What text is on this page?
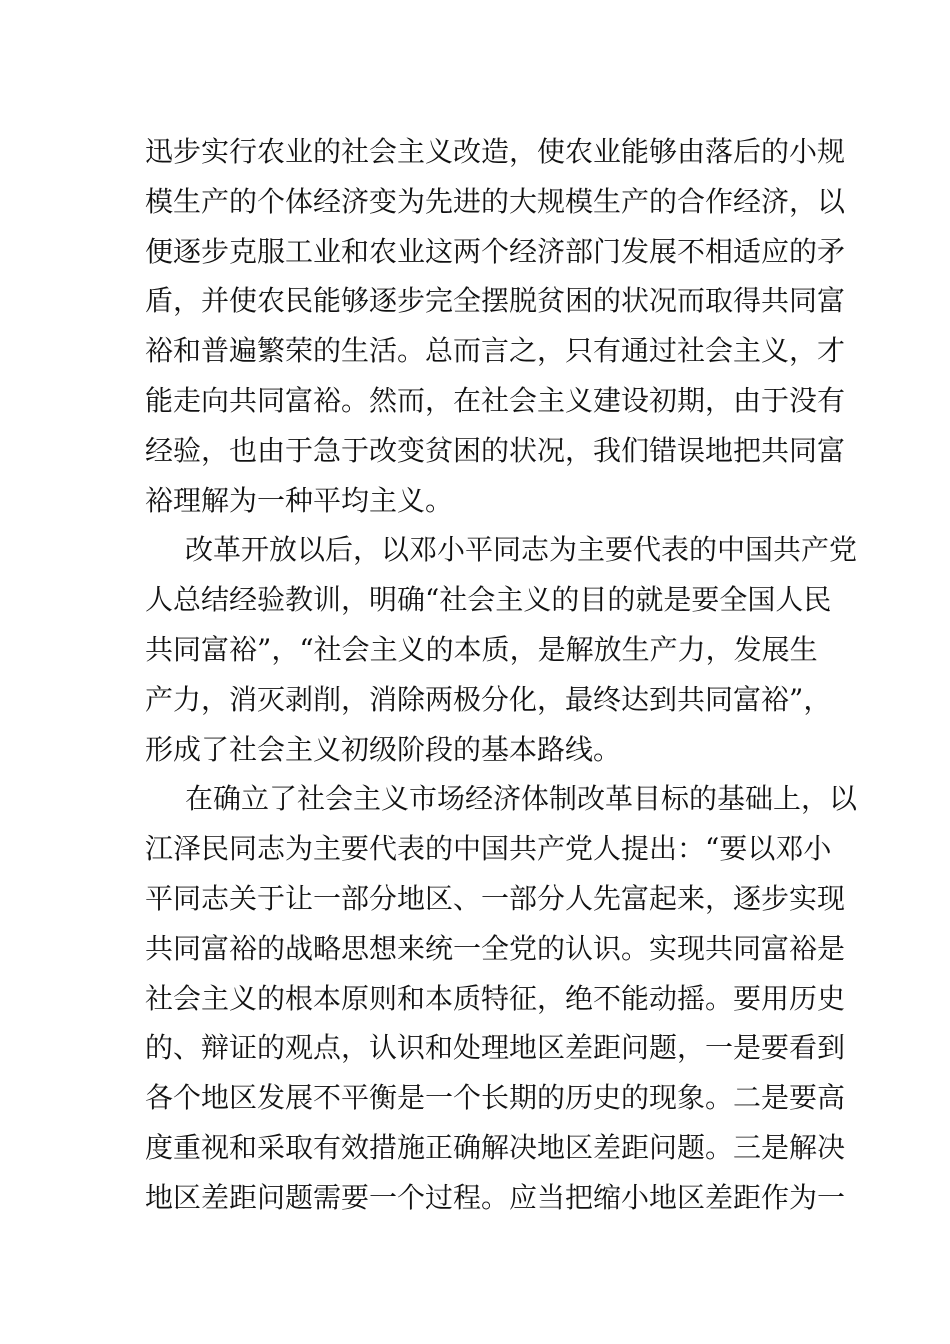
迅步实行农业的社会主义改造，使农业能够由落后的小规
模生产的个体经济变为先进的大规模生产的合作经济，以
便逐步克服工业和农业这两个经济部门发展不相适应的矛
盾，并使农民能够逐步完全摆脱贫困的状况而取得共同富
裕和普遍繁荣的生活。总而言之，只有通过社会主义，才
能走向共同富裕。然而，在社会主义建设初期，由于没有
经验，也由于急于改变贫困的状况，我们错误地把共同富
裕理解为一种平均主义。
改革开放以后，以邓小平同志为主要代表的中国共产党
人总结经验教训，明确“社会主义的目的就是要全国人民
共同富裕”，“社会主义的本质，是解放生产力，发展生
产力，消灭剥削，消除两极分化，最终达到共同富裕”，
形成了社会主义初级阶段的基本路线。
在确立了社会主义市场经济体制改革目标的基础上，以
江泽民同志为主要代表的中国共产党人提出：“要以邓小
平同志关于让一部分地区、一部分人先富起来，逐步实现
共同富裕的战略思想来统一全党的认识。实现共同富裕是
社会主义的根本原则和本质特征，绝不能动摇。要用历史
的、辩证的观点，认识和处理地区差距问题，一是要看到
各个地区发展不平衡是一个长期的历史的现象。二是要高
度重视和采取有效措施正确解决地区差距问题。三是解决
地区差距问题需要一个过程。应当把缩小地区差距作为一
